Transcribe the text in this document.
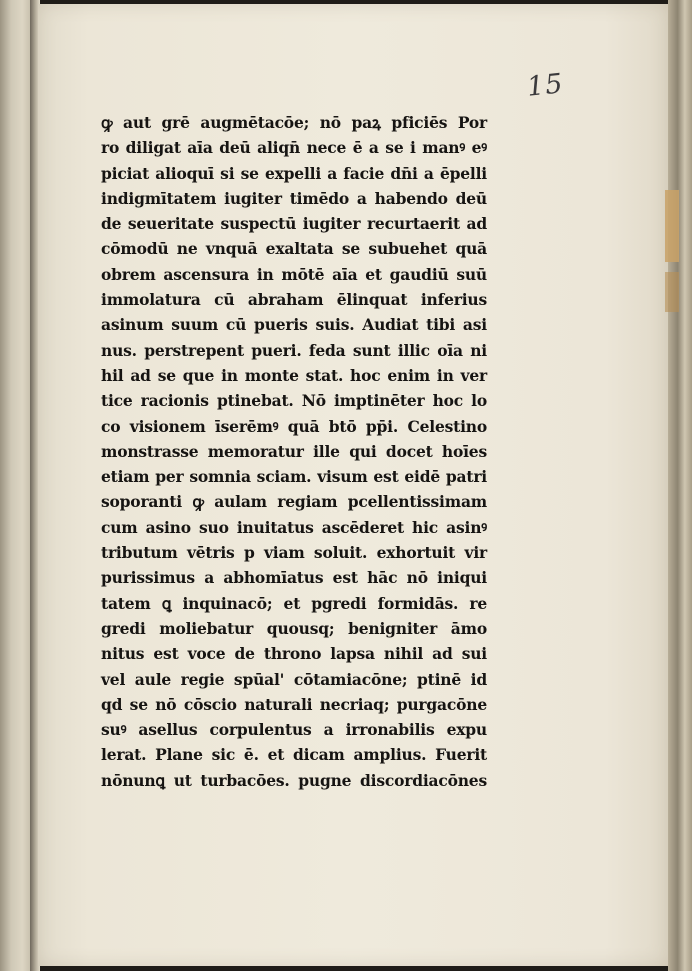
15
ꝙ aut grē augmētacōe; nō paꝝ pficiēs Por
ro diligat aīa deū aliqn̄ nece ē a se i manꝰ eꝰ
piciat alioquī si se expelli a facie dn̄i a ēpelli
indigmītatem iugiter timēdo a habendo deū
de seueritate suspectū iugiter recurtaerit ad
cōmodū ne vnquā exaltata se subuehet quā
obrem ascensura in mōtē aīa et gaudiū suū
immolatura cū abraham ēlinquat inferius
asinum suum cū pueris suis. Audiat tibi asi
nus. perstrepent pueri. feda sunt illic oīa ni
hil ad se que in monte stat. hoc enim in ver
tice racionis ptinebat. Nō imptinēter hoc lo
co visionem īserēmꝰ quā btō pp̄i. Celestino
monstrasse memoratur ille qui docet hoīes
etiam per somnia sciam. visum est eidē patri
soporanti ꝙ aulam regiam pcellentissimam
cum asino suo inuitatus ascēderet hic asinꝰ
tributum vētris p viam soluit. exhortuit vir
purissimus a abhomīatus est hāc nō iniqui
tatem ꝗ inquinacō; et pgredi formidās. re
gredi moliebatur quousq; benigniter āmo
nitus est voce de throno lapsa nihil ad sui
vel aule regie spūal' cōtamiacōne; ptinē id
qd se nō cōscio naturali necriaq; purgacōne
suꝰ asellus corpulentus a irronabilis expu
lerat. Plane sic ē. et dicam amplius. Fuerit
nōnunꝗ ut turbacōes. pugne discordiacōnes
